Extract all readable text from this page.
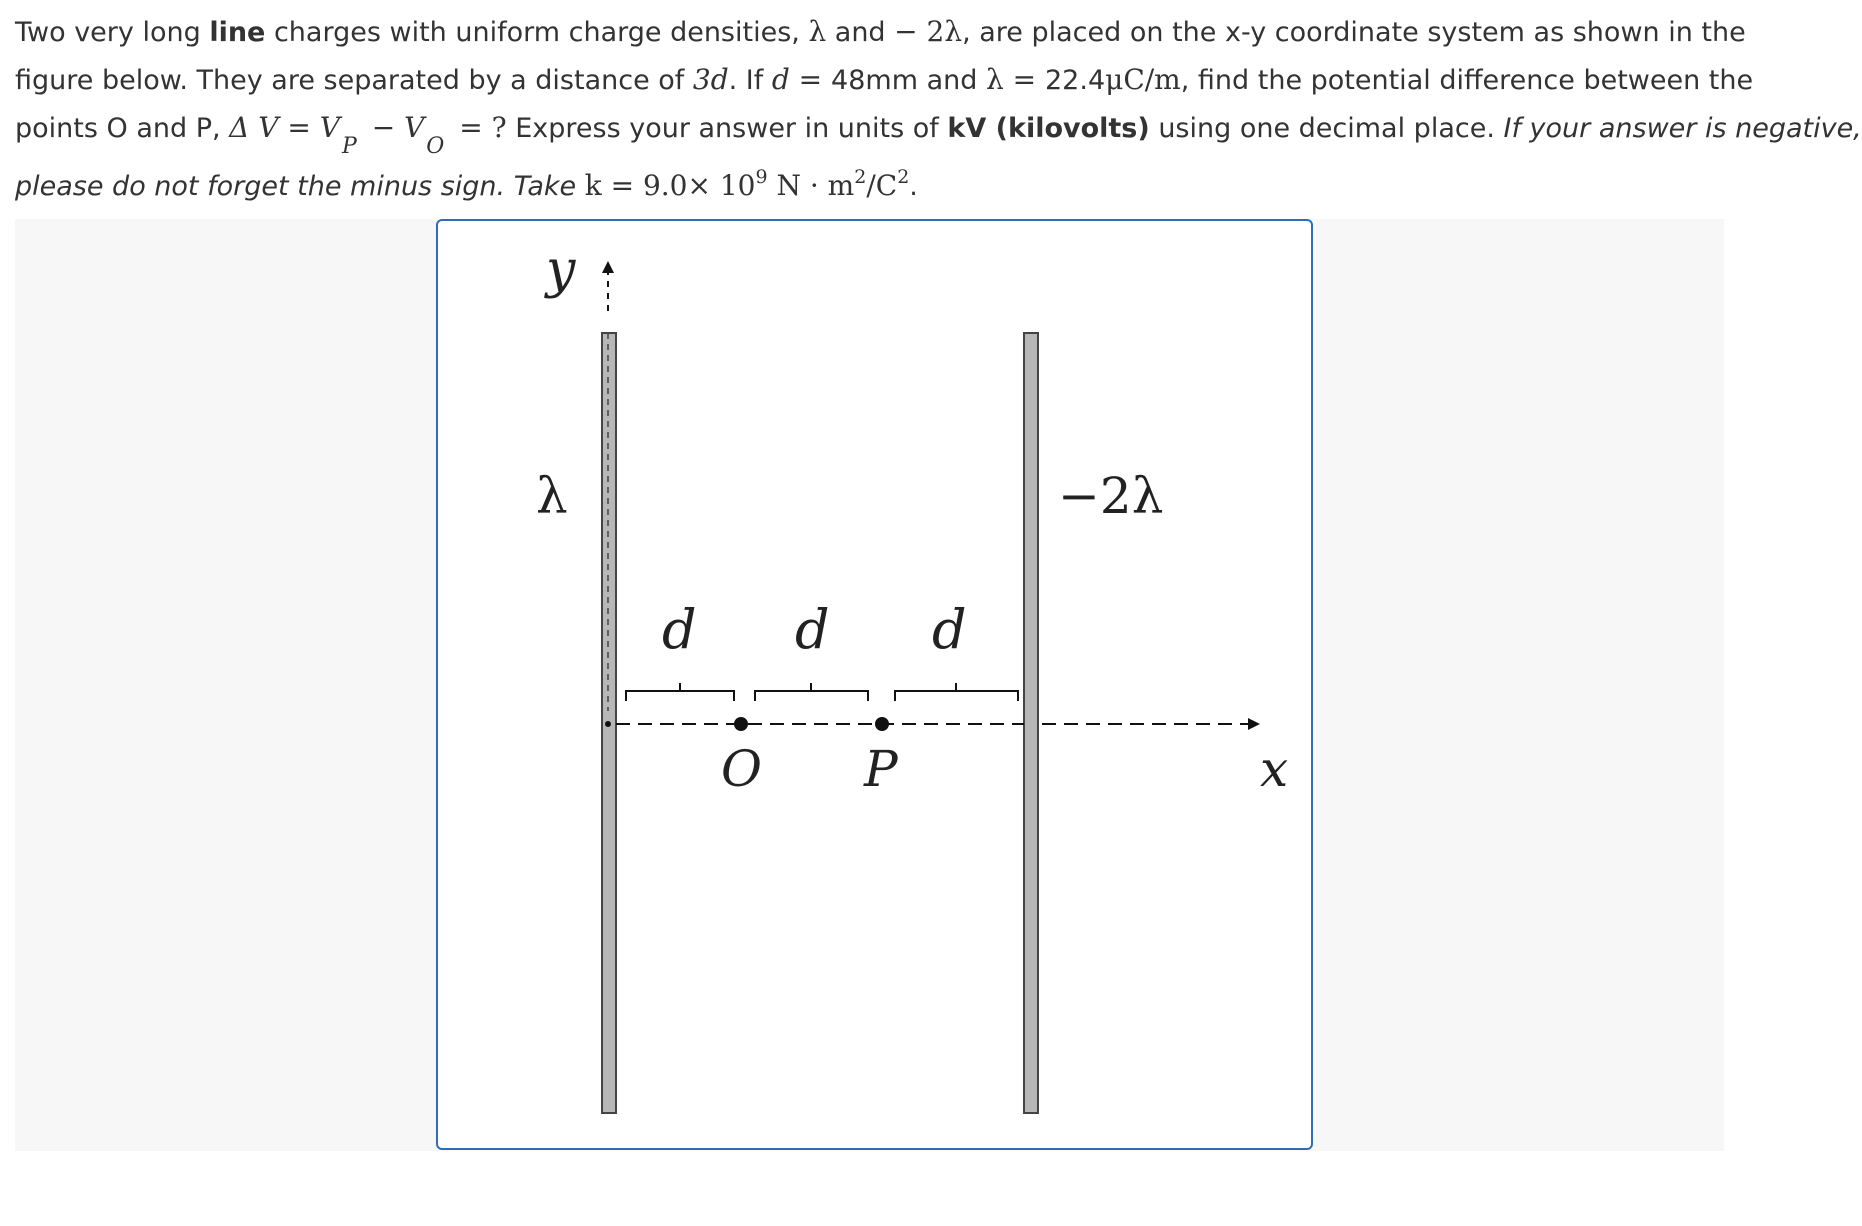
Two very long line charges with uniform charge densities, λ and − 2λ, are placed on the x-y coordinate system as shown in the
figure below. They are separated by a distance of 3d. If d = 48mm and λ = 22.4μC/m, find the potential difference between the
points O and P, Δ $V = V_P - V_O$ = ? Express your answer in units of kV (kilovolts) using one decimal place. If your answer is negative,
please do not forget the minus sign. Take $k = 9.0\times 10^9$ $N \cdot m^2/C^2$.
y
λ	−2λ
d d d
O P	x
